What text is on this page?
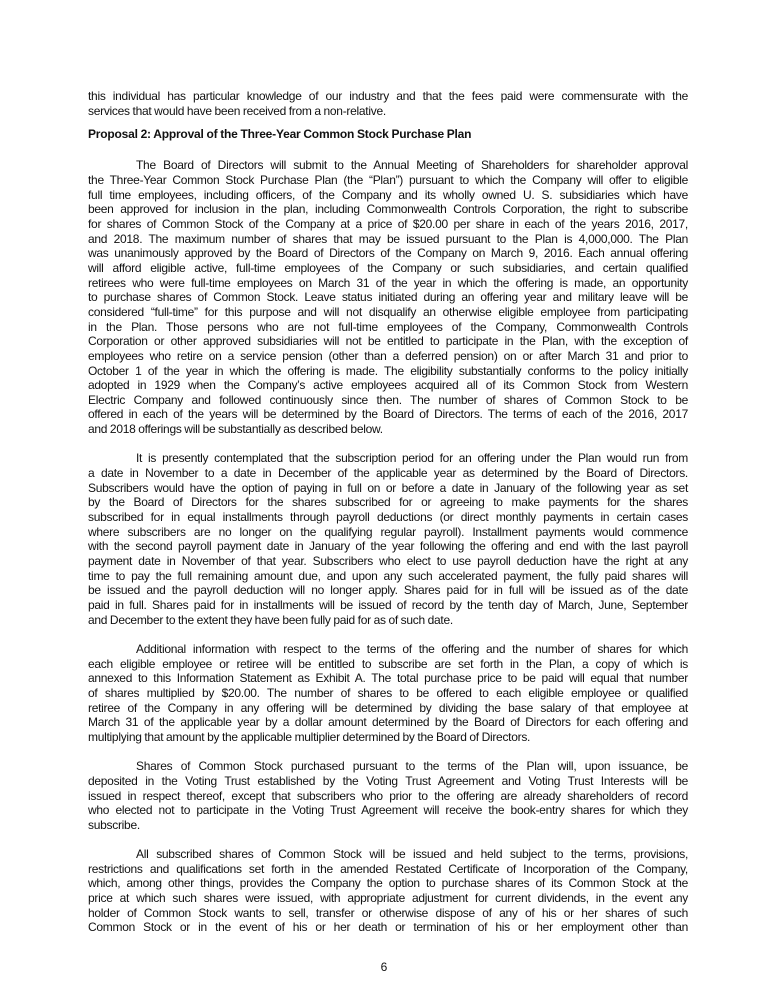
this individual has particular knowledge of our industry and that the fees paid were commensurate with the
services that would have been received from a non-relative.
Proposal 2: Approval of the Three-Year Common Stock Purchase Plan
The Board of Directors will submit to the Annual Meeting of Shareholders for shareholder approval
the Three-Year Common Stock Purchase Plan (the “Plan”) pursuant to which the Company will offer to eligible
full time employees, including officers, of the Company and its wholly owned U. S. subsidiaries which have
been approved for inclusion in the plan, including Commonwealth Controls Corporation, the right to subscribe
for shares of Common Stock of the Company at a price of $20.00 per share in each of the years 2016, 2017,
and 2018. The maximum number of shares that may be issued pursuant to the Plan is 4,000,000. The Plan
was unanimously approved by the Board of Directors of the Company on March 9, 2016. Each annual offering
will afford eligible active, full-time employees of the Company or such subsidiaries, and certain qualified
retirees who were full-time employees on March 31 of the year in which the offering is made, an opportunity
to purchase shares of Common Stock. Leave status initiated during an offering year and military leave will be
considered “full-time” for this purpose and will not disqualify an otherwise eligible employee from participating
in the Plan. Those persons who are not full-time employees of the Company, Commonwealth Controls
Corporation or other approved subsidiaries will not be entitled to participate in the Plan, with the exception of
employees who retire on a service pension (other than a deferred pension) on or after March 31 and prior to
October 1 of the year in which the offering is made. The eligibility substantially conforms to the policy initially
adopted in 1929 when the Company’s active employees acquired all of its Common Stock from Western
Electric Company and followed continuously since then. The number of shares of Common Stock to be
offered in each of the years will be determined by the Board of Directors. The terms of each of the 2016, 2017
and 2018 offerings will be substantially as described below.
It is presently contemplated that the subscription period for an offering under the Plan would run from
a date in November to a date in December of the applicable year as determined by the Board of Directors.
Subscribers would have the option of paying in full on or before a date in January of the following year as set
by the Board of Directors for the shares subscribed for or agreeing to make payments for the shares
subscribed for in equal installments through payroll deductions (or direct monthly payments in certain cases
where subscribers are no longer on the qualifying regular payroll). Installment payments would commence
with the second payroll payment date in January of the year following the offering and end with the last payroll
payment date in November of that year. Subscribers who elect to use payroll deduction have the right at any
time to pay the full remaining amount due, and upon any such accelerated payment, the fully paid shares will
be issued and the payroll deduction will no longer apply. Shares paid for in full will be issued as of the date
paid in full. Shares paid for in installments will be issued of record by the tenth day of March, June, September
and December to the extent they have been fully paid for as of such date.
Additional information with respect to the terms of the offering and the number of shares for which
each eligible employee or retiree will be entitled to subscribe are set forth in the Plan, a copy of which is
annexed to this Information Statement as Exhibit A. The total purchase price to be paid will equal that number
of shares multiplied by $20.00. The number of shares to be offered to each eligible employee or qualified
retiree of the Company in any offering will be determined by dividing the base salary of that employee at
March 31 of the applicable year by a dollar amount determined by the Board of Directors for each offering and
multiplying that amount by the applicable multiplier determined by the Board of Directors.
Shares of Common Stock purchased pursuant to the terms of the Plan will, upon issuance, be
deposited in the Voting Trust established by the Voting Trust Agreement and Voting Trust Interests will be
issued in respect thereof, except that subscribers who prior to the offering are already shareholders of record
who elected not to participate in the Voting Trust Agreement will receive the book-entry shares for which they
subscribe.
All subscribed shares of Common Stock will be issued and held subject to the terms, provisions,
restrictions and qualifications set forth in the amended Restated Certificate of Incorporation of the Company,
which, among other things, provides the Company the option to purchase shares of its Common Stock at the
price at which such shares were issued, with appropriate adjustment for current dividends, in the event any
holder of Common Stock wants to sell, transfer or otherwise dispose of any of his or her shares of such
Common Stock or in the event of his or her death or termination of his or her employment other than
6
